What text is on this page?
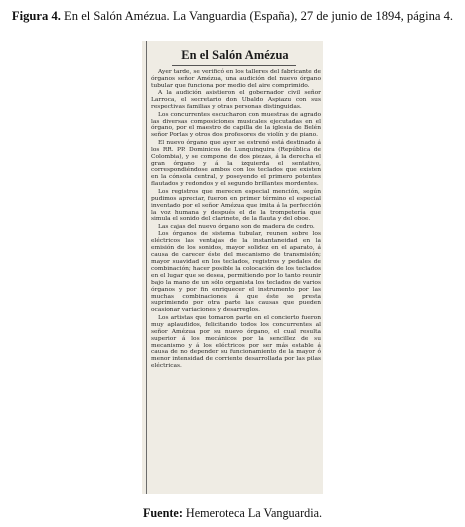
Figura 4. En el Salón Amézua. La Vanguardia (España), 27 de junio de 1894, página 4.
En el Salón Amézua

Ayer tarde, se verificó en los talleres del fabricante de órganos señor Amézua, una audición del nuevo órgano tubular que funciona por medio del aire comprimido.

A la audición asistieron el gobernador civil señor Larroca, el secretario don Ubaldo Aspiazu con sus respectivas familias y otras personas distinguidas.

Los concurrentes escucharon con muestras de agrado las diversas composiciones musicales ejecutadas en el órgano, por el maestro de capilla de la iglesia de Belén señor Porlas y otros dos profesores de violín y de piano.

El nuevo órgano que ayer se estrenó está destinado á los RR. PP. Dominicos de Lunquinquira (República de Colombia), y se compone de dos piezas, á la derecha el gran órgano y á la izquierda el sentativo, correspondiéndose ambos con los teclados que existen en la cónsola central, y poseyendo el primero potentes flautados y redondos y el segundo brillantes mordentes.

Los registros que merecen especial mención, según pudimos apreciar, fueron en primer término el especial inventado por el señor Amézua que imita á la perfección la voz humana y después el de la trompetería que simula el sonido del clarinete, de la flauta y del oboe.

Las cajas del nuevo órgano son de madera de cedro.

Los órganos de sistema tubular, reunen sobre los eléctricos las ventajas de la instantaneidad en la emisión de los sonidos, mayor solidez en el aparato, á causa de carecer éste del mecanismo de transmisión; mayor suavidad en los teclados, registros y pedales de combinación; hacer posible la colocación de los teclados en el lugar que se desea, permitiendo por lo tanto reunir bajo la mano de un sólo organista los teclados de varios órganos y por fin enriquecer el instrumento por las muchas combinaciones á que éste se presta suprimiendo por otra parte las causas que pueden ocasionar variaciones y desarreglos.

Los artistas que tomaron parte en el concierto fueron muy aplaudidos, felicitando todos los concurrentes al señor Amézua por su nuevo órgano, el cual resulta superior á los mecánicos por la sencillez de su mecanismo y á los eléctricos por ser más estable á causa de no depender su funcionamiento de la mayor ó menor intensidad de corriente desarrollada por las pilas eléctricas.

Fuente: Hemeroteca La Vanguardia.
